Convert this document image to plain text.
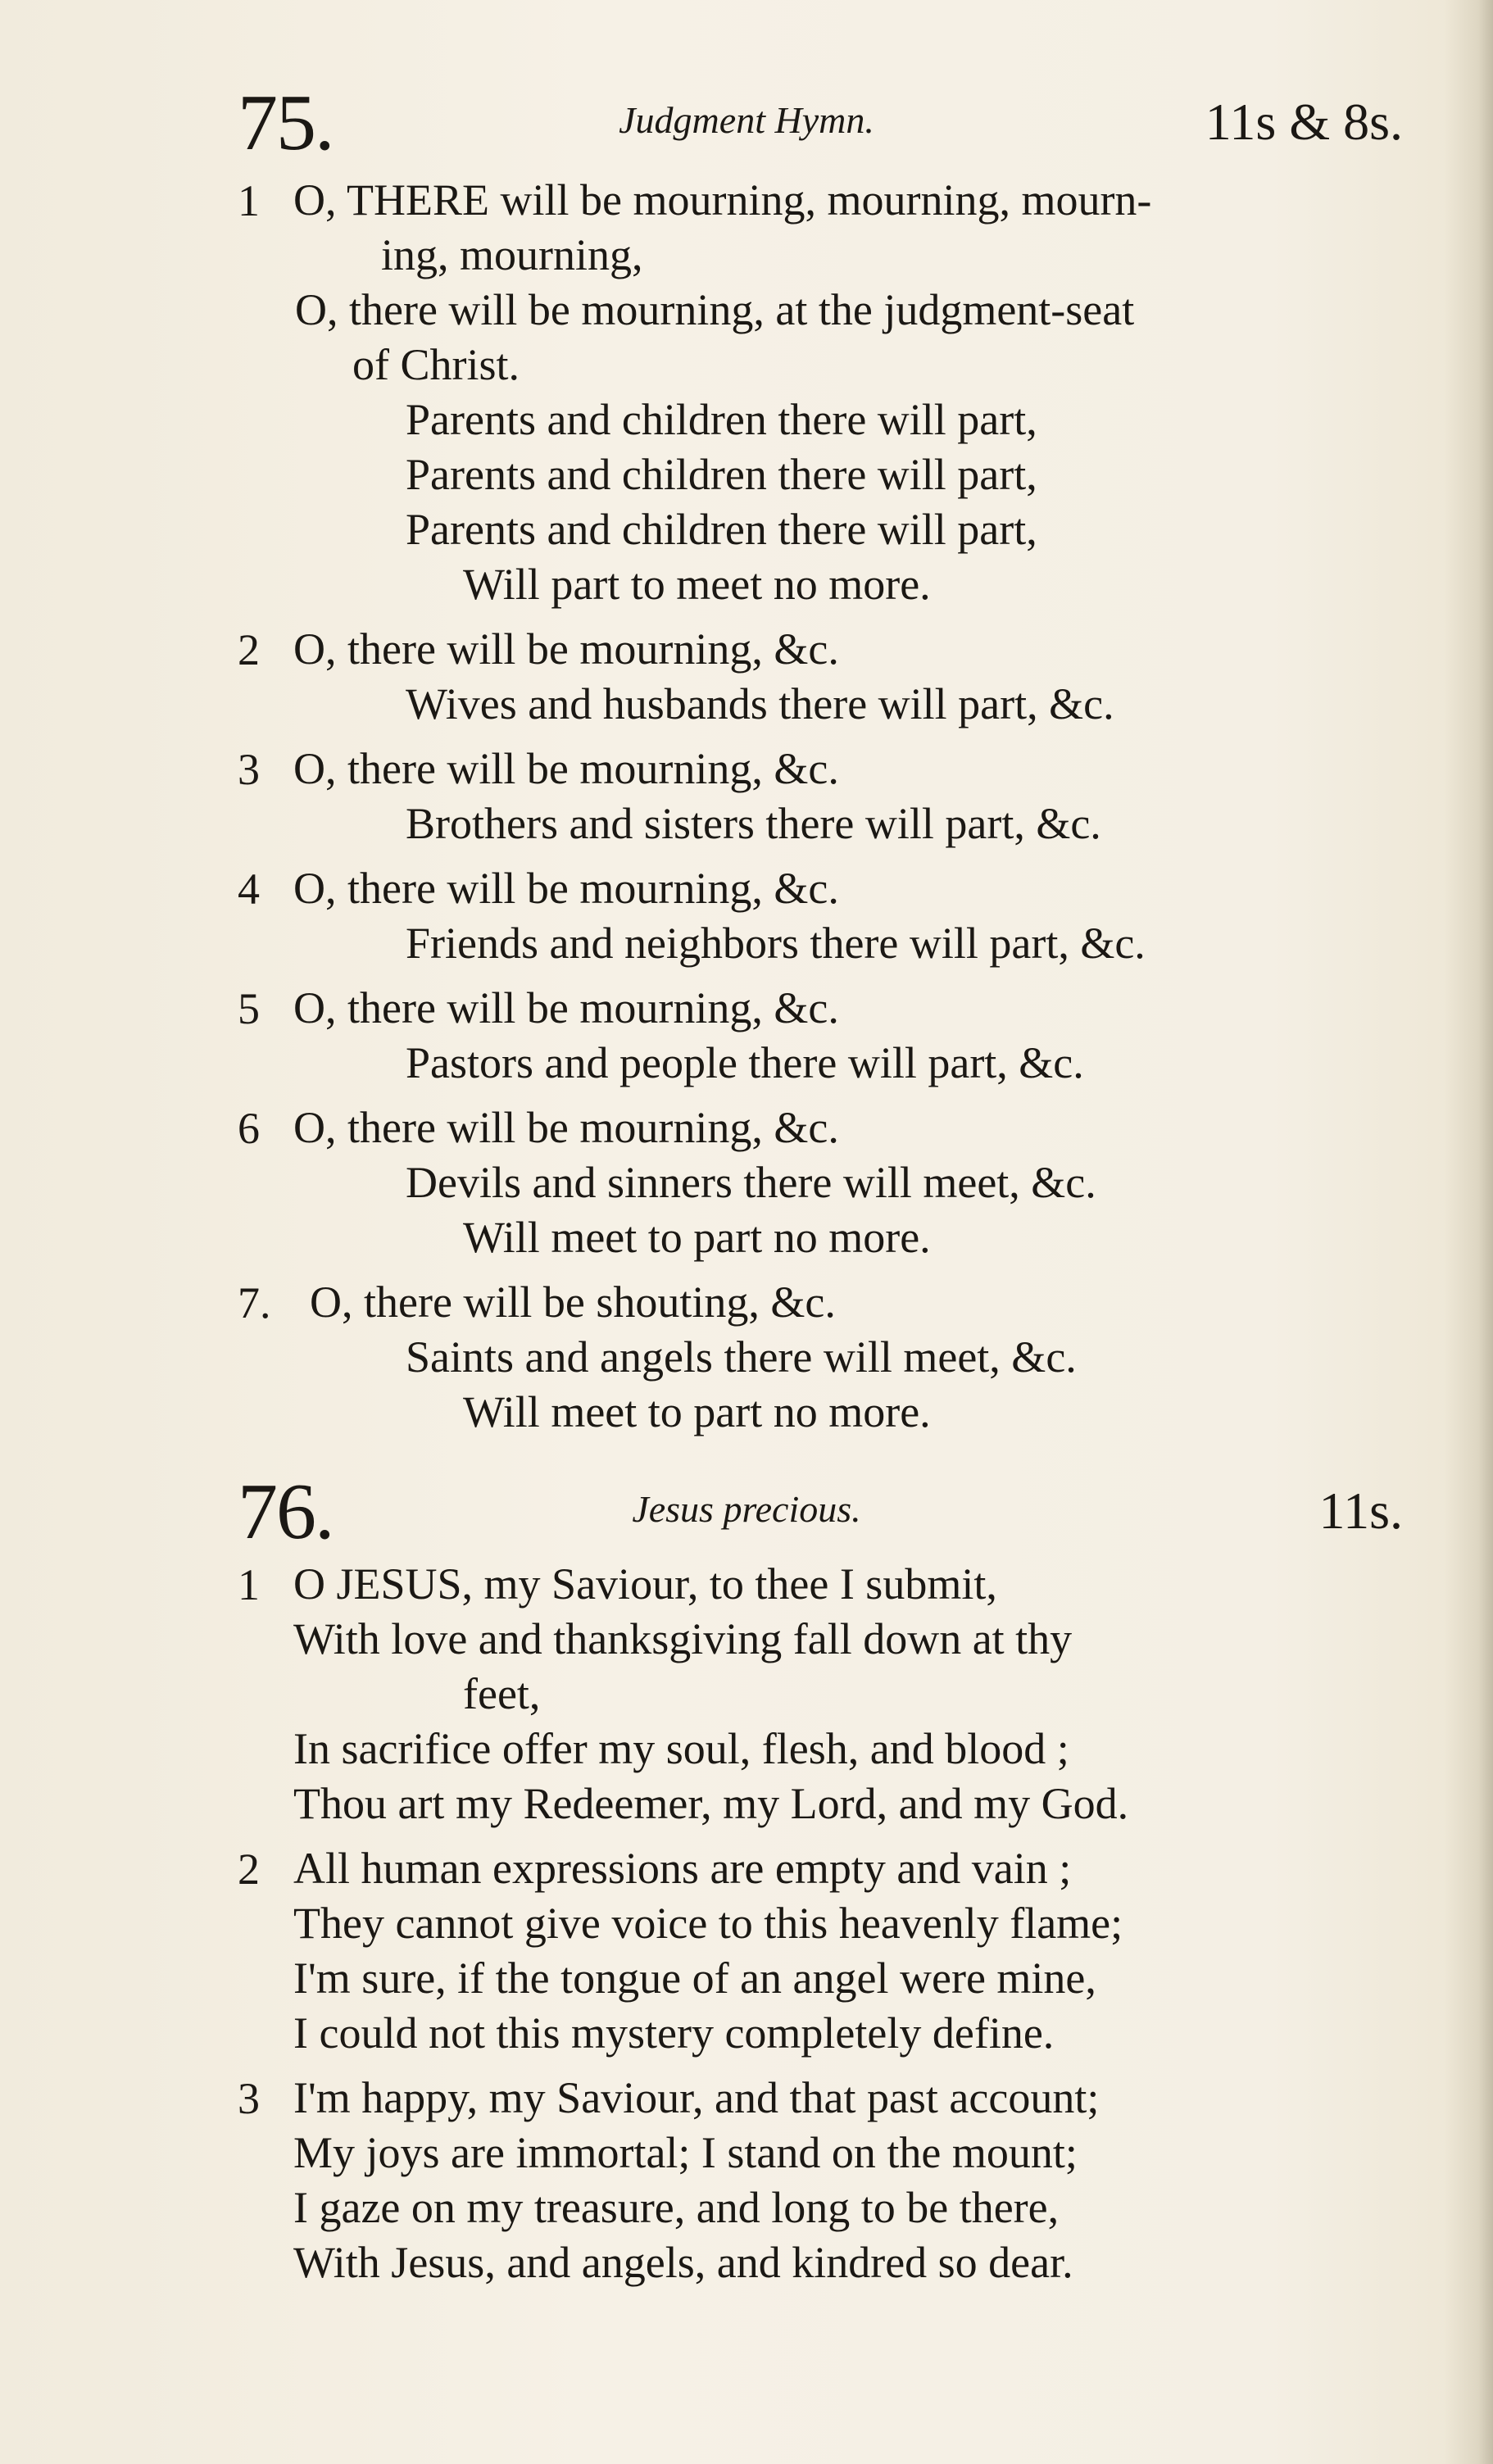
75.	Judgment Hymn.	11s & 8s.
1 O, THERE will be mourning, mourning, mourn-
ing, mourning,
O, there will be mourning, at the judgment-seat
of Christ.
Parents and children there will part,
Parents and children there will part,
Parents and children there will part,
Will part to meet no more.
2 O, there will be mourning, &c.
Wives and husbands there will part, &c.
3 O, there will be mourning, &c.
Brothers and sisters there will part, &c.
4 O, there will be mourning, &c.
Friends and neighbors there will part, &c.
5 O, there will be mourning, &c.
Pastors and people there will part, &c.
6 O, there will be mourning, &c.
Devils and sinners there will meet, &c.
Will meet to part no more.
7. O, there will be shouting, &c.
Saints and angels there will meet, &c.
Will meet to part no more.
76.	Jesus precious.	11s.
1 O JESUS, my Saviour, to thee I submit,
With love and thanksgiving fall down at thy
feet,
In sacrifice offer my soul, flesh, and blood ;
Thou art my Redeemer, my Lord, and my God.
2 All human expressions are empty and vain ;
They cannot give voice to this heavenly flame;
I'm sure, if the tongue of an angel were mine,
I could not this mystery completely define.
3 I'm happy, my Saviour, and that past account;
My joys are immortal; I stand on the mount;
I gaze on my treasure, and long to be there,
With Jesus, and angels, and kindred so dear.
